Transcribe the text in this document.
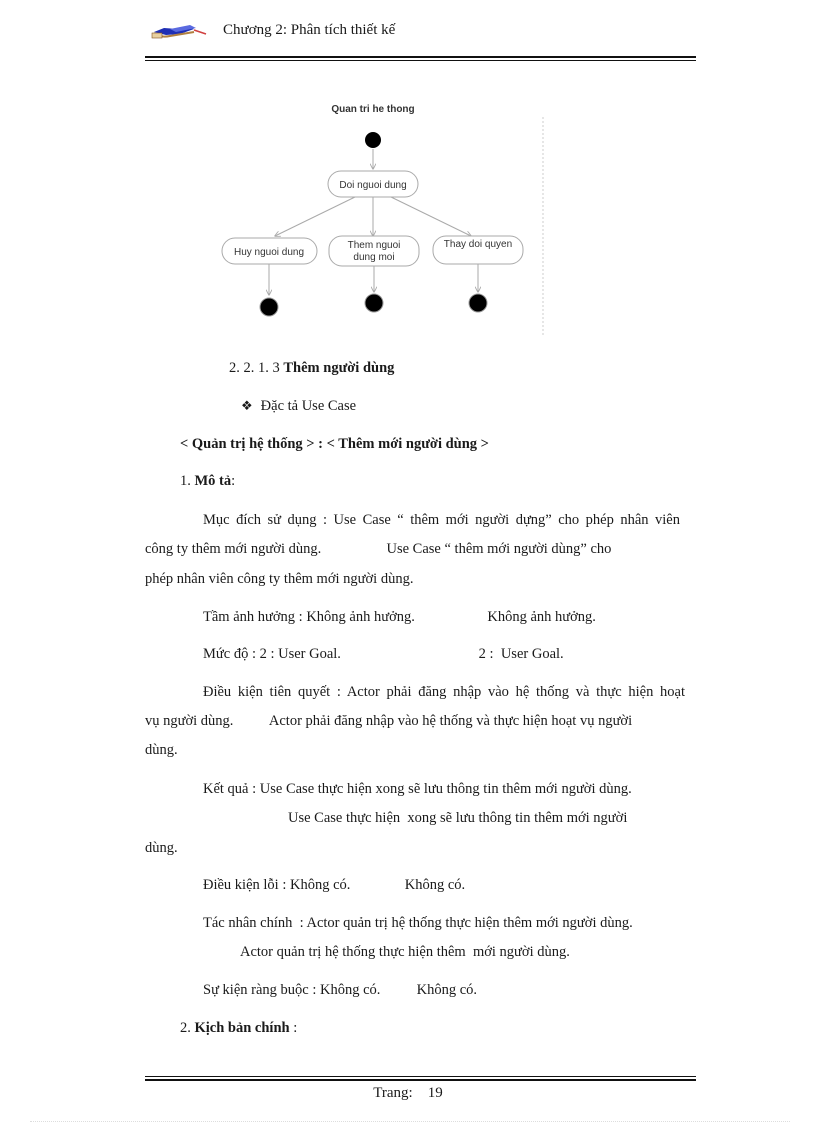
Chương 2: Phân tích thiết kế
Quan tri he thong
Doi nguoi dung
Huy nguoi dung
Them nguoi
dung moi
Thay doi quyen
2. 2. 1. 3 Thêm người dùng
❖ Đặc tả Use Case
< Quản trị hệ thống > : < Thêm mới người dùng >
1. Mô tả:
Mục đích sử dụng : Use Case “ thêm mới người dựng” cho phép nhân viên
công ty thêm mới người dùng.                  Use Case “ thêm mới người dùng” cho
phép nhân viên công ty thêm mới người dùng.
Tầm ảnh hưởng : Không ảnh hưởng.                    Không ảnh hưởng.
Mức độ : 2 : User Goal.                                      2 :  User Goal.
Điều kiện tiên quyết : Actor phải đăng nhập vào hệ thống và thực hiện hoạt
vụ người dùng.          Actor phải đăng nhập vào hệ thống và thực hiện hoạt vụ người
dùng.
Kết quả : Use Case thực hiện xong sẽ lưu thông tin thêm mới người dùng.
Use Case thực hiện  xong sẽ lưu thông tin thêm mới người
dùng.
Điều kiện lỗi : Không có.               Không có.
Tác nhân chính  : Actor quản trị hệ thống thực hiện thêm mới người dùng.
Actor quản trị hệ thống thực hiện thêm  mới người dùng.
Sự kiện ràng buộc : Không có.          Không có.
2. Kịch bản chính :
Trang: 19
